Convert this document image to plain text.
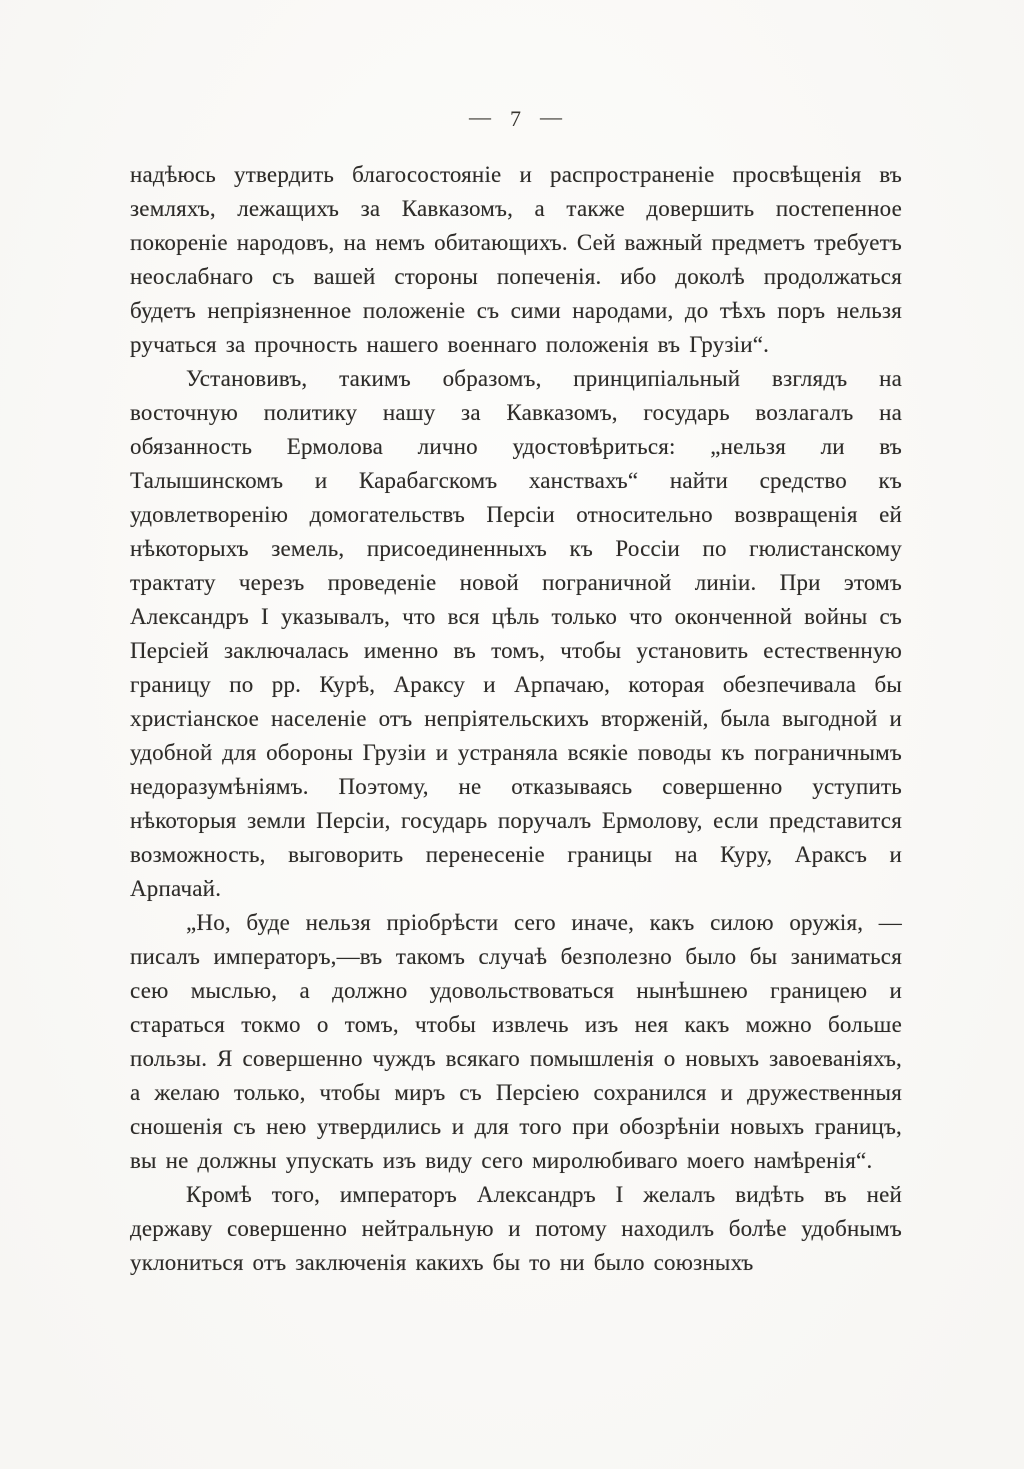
— 7 —

надѣюсь утвердить благосостояніе и распространеніе просвѣщенія въ земляхъ, лежащихъ за Кавказомъ, а также довершить постепенное покореніе народовъ, на немъ обитающихъ. Сей важный предметъ требуетъ неослабнаго съ вашей стороны попеченія. ибо доколѣ продолжаться будетъ непріязненное положеніе съ сими народами, до тѣхъ поръ нельзя ручаться за прочность нашего военнаго положенія въ Грузіи“.

Установивъ, такимъ образомъ, принципіальный взглядъ на восточную политику нашу за Кавказомъ, государь возлагалъ на обязанность Ермолова лично удостовѣриться: „нельзя ли въ Талышинскомъ и Карабагскомъ ханствахъ“ найти средство къ удовлетворенію домогательствъ Персіи относительно возвращенія ей нѣкоторыхъ земель, присоединенныхъ къ Россіи по гюлистанскому трактату черезъ проведеніе новой пограничной линіи. При этомъ Александръ I указывалъ, что вся цѣль только что оконченной войны съ Персіей заключалась именно въ томъ, чтобы установить естественную границу по рр. Курѣ, Араксу и Арпачаю, которая обезпечивала бы христіанское населеніе отъ непріятельскихъ вторженій, была выгодной и удобной для обороны Грузіи и устраняла всякіе поводы къ пограничнымъ недоразумѣніямъ. Поэтому, не отказываясь совершенно уступить нѣкоторыя земли Персіи, государь поручалъ Ермолову, если представится возможность, выговорить перенесеніе границы на Куру, Араксъ и Арпачай.

„Но, буде нельзя пріобрѣсти сего иначе, какъ силою оружія, — писалъ императоръ,—въ такомъ случаѣ безполезно было бы заниматься сею мыслью, а должно удовольствоваться нынѣшнею границею и стараться токмо о томъ, чтобы извлечь изъ нея какъ можно больше пользы. Я совершенно чуждъ всякаго помышленія о новыхъ завоеваніяхъ, а желаю только, чтобы миръ съ Персіею сохранился и дружественныя сношенія съ нею утвердились и для того при обозрѣніи новыхъ границъ, вы не должны упускать изъ виду сего миролюбиваго моего намѣренія“.

Кромѣ того, императоръ Александръ I желалъ видѣть въ ней державу совершенно нейтральную и потому находилъ болѣе удобнымъ уклониться отъ заключенія какихъ бы то ни было союзныхъ
